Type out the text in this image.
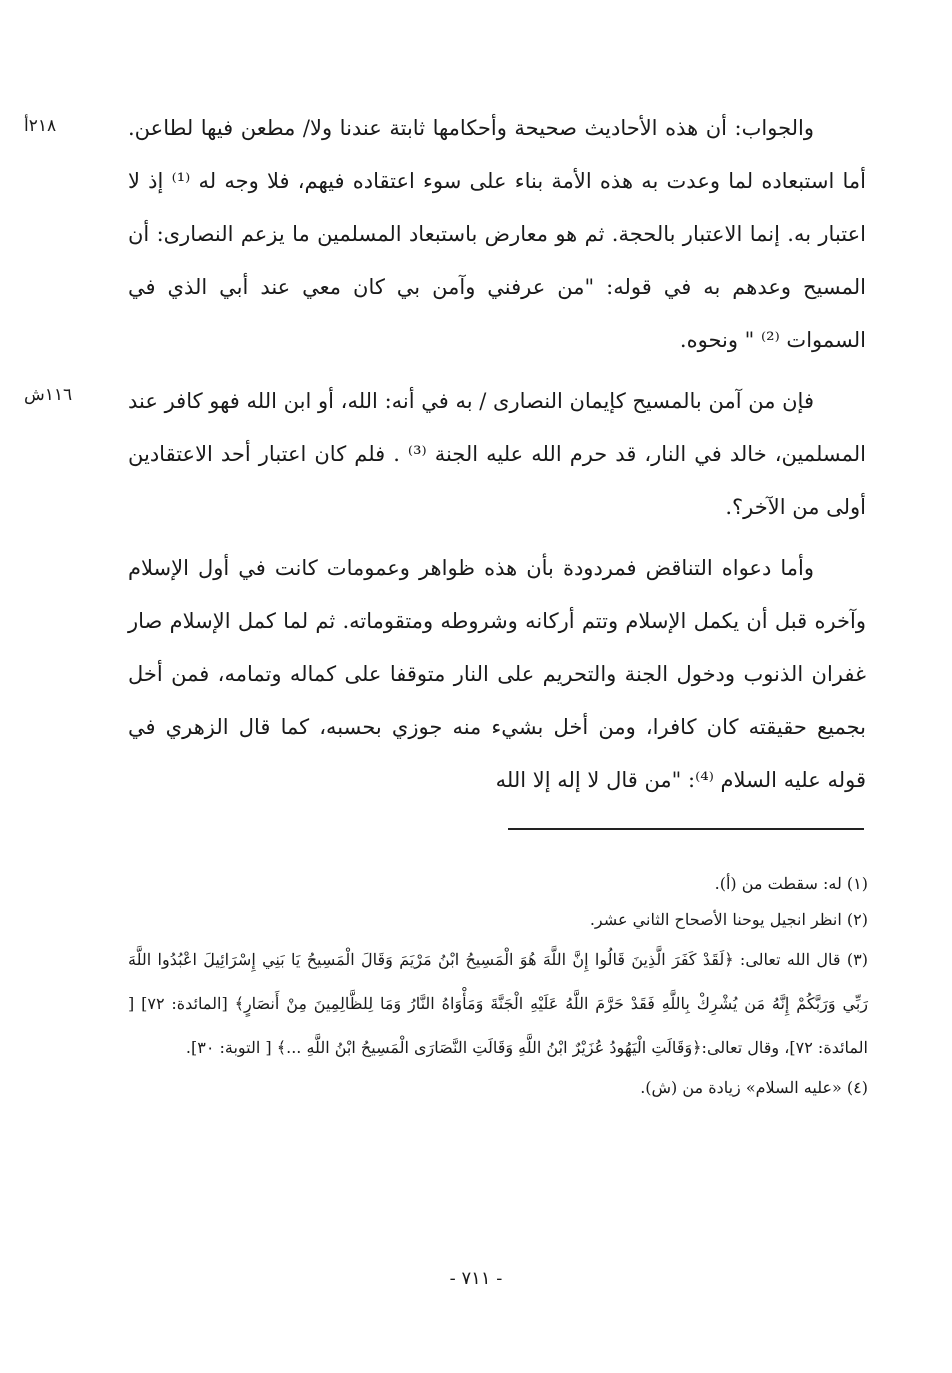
٢١٨أ
١١٦ش

والجواب: أن هذه الأحاديث صحيحة وأحكامها ثابتة عندنا ولا/ مطعن فيها لطاعن. أما استبعاده لما وعدت به هذه الأمة بناء على سوء اعتقاده فيهم، فلا وجه له ⁽¹⁾ إذ لا اعتبار به. إنما الاعتبار بالحجة. ثم هو معارض باستبعاد المسلمين ما يزعم النصارى: أن المسيح وعدهم به في قوله: "من عرفني وآمن بي كان معي عند أبي الذي في السموات ⁽²⁾ " ونحوه.

فإن من آمن بالمسيح كإيمان النصارى / به في أنه: الله، أو ابن الله فهو كافر عند المسلمين، خالد في النار، قد حرم الله عليه الجنة ⁽³⁾ . فلم كان اعتبار أحد الاعتقادين أولى من الآخر؟.

وأما دعواه التناقض فمردودة بأن هذه ظواهر وعمومات كانت في أول الإسلام وآخره قبل أن يكمل الإسلام وتتم أركانه وشروطه ومتقوماته. ثم لما كمل الإسلام صار غفران الذنوب ودخول الجنة والتحريم على النار متوقفا على كماله وتمامه، فمن أخل بجميع حقيقته كان كافرا، ومن أخل بشيء منه جوزي بحسبه، كما قال الزهري في قوله عليه السلام ⁽⁴⁾: "من قال لا إله إلا الله

(١) له: سقطت من (أ).

(٢) انظر انجيل يوحنا الأصحاح الثاني عشر.

(٣) قال الله تعالى: ﴿لَقَدْ كَفَرَ الَّذِينَ قَالُوا إِنَّ اللَّهَ هُوَ الْمَسِيحُ ابْنُ مَرْيَمَ وَقَالَ الْمَسِيحُ يَا بَنِي إِسْرَائِيلَ اعْبُدُوا اللَّهَ رَبِّي وَرَبَّكُمْ إِنَّهُ مَن يُشْرِكْ بِاللَّهِ فَقَدْ حَرَّمَ اللَّهُ عَلَيْهِ الْجَنَّةَ وَمَأْوَاهُ النَّارُ وَمَا لِلظَّالِمِينَ مِنْ أَنصَارٍ﴾ [المائدة: ٧٢] [ المائدة: ٧٢]، وقال تعالى:﴿وَقَالَتِ الْيَهُودُ عُزَيْرٌ ابْنُ اللَّهِ وَقَالَتِ النَّصَارَى الْمَسِيحُ ابْنُ اللَّهِ ...﴾ [ التوبة: ٣٠].

(٤) «عليه السلام» زيادة من (ش).

- ٧١١ -
